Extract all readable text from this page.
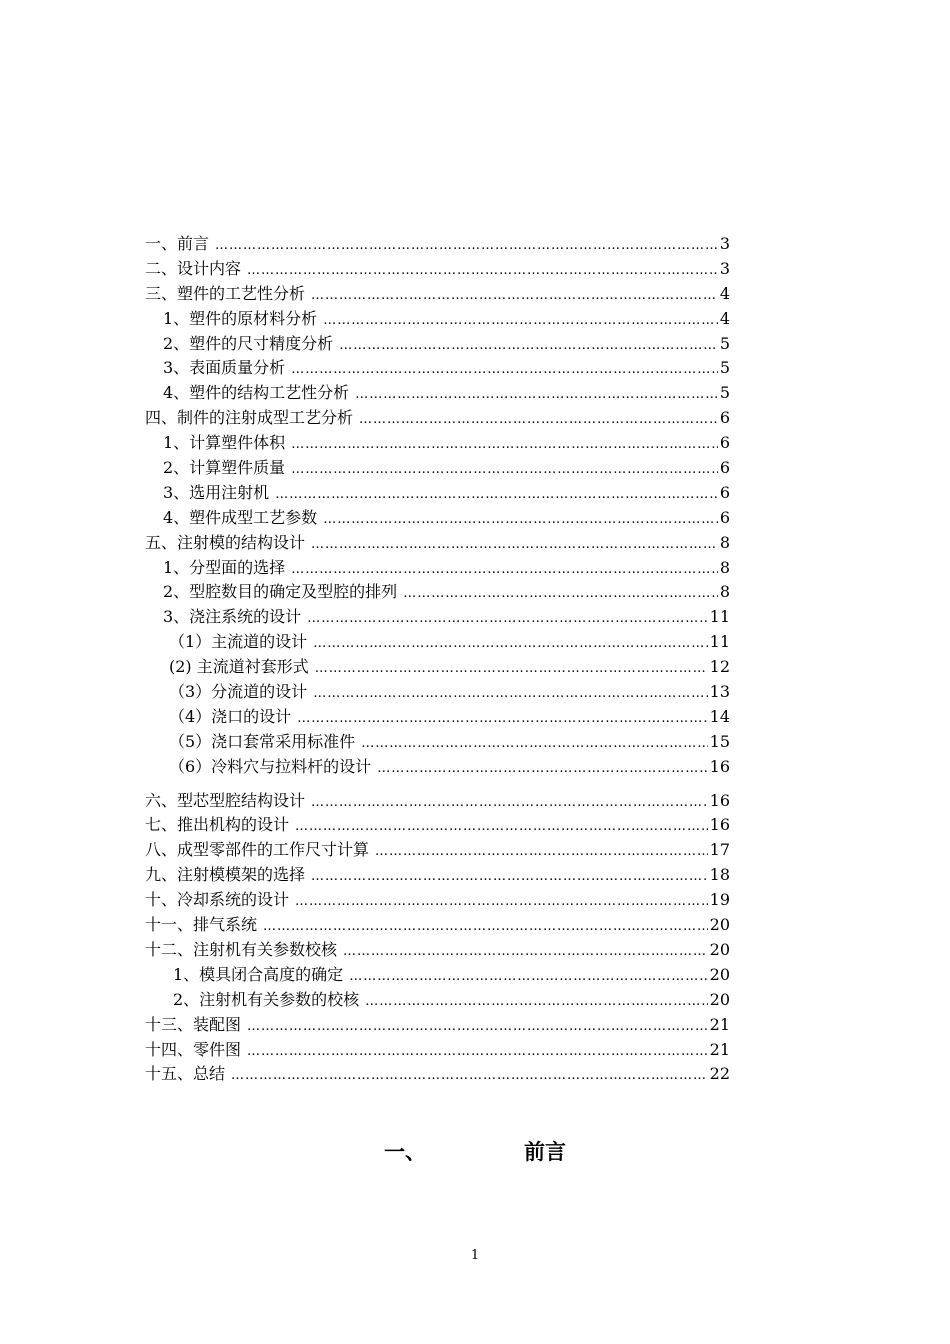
一、前言 ……………………………………………………………………………………………………………………………………………………………………	3
二、设计内容 ……………………………………………………………………………………………………………………………………………………………………	3
三、塑件的工艺性分析 ……………………………………………………………………………………………………………………………………………………………………	4
1、塑件的原材料分析 ……………………………………………………………………………………………………………………………………………………………………	4
2、塑件的尺寸精度分析 ……………………………………………………………………………………………………………………………………………………………………	5
3、表面质量分析 ……………………………………………………………………………………………………………………………………………………………………	5
4、塑件的结构工艺性分析 ……………………………………………………………………………………………………………………………………………………………………	5
四、制件的注射成型工艺分析 ……………………………………………………………………………………………………………………………………………………………………	6
1、计算塑件体积 ……………………………………………………………………………………………………………………………………………………………………	6
2、计算塑件质量 ……………………………………………………………………………………………………………………………………………………………………	6
3、选用注射机 ……………………………………………………………………………………………………………………………………………………………………	6
4、塑件成型工艺参数 ……………………………………………………………………………………………………………………………………………………………………	6
五、注射模的结构设计 ……………………………………………………………………………………………………………………………………………………………………	8
1、分型面的选择 ……………………………………………………………………………………………………………………………………………………………………	8
2、型腔数目的确定及型腔的排列 ……………………………………………………………………………………………………………………………………………………………………	8
3、浇注系统的设计 ……………………………………………………………………………………………………………………………………………………………………	11
（1）主流道的设计 ……………………………………………………………………………………………………………………………………………………………………	11
(2) 主流道衬套形式 ……………………………………………………………………………………………………………………………………………………………………	12
（3）分流道的设计 ……………………………………………………………………………………………………………………………………………………………………	13
（4）浇口的设计 ……………………………………………………………………………………………………………………………………………………………………	14
（5）浇口套常采用标准件 ……………………………………………………………………………………………………………………………………………………………………	15
（6）冷料穴与拉料杆的设计 ……………………………………………………………………………………………………………………………………………………………………	16
六、型芯型腔结构设计 ……………………………………………………………………………………………………………………………………………………………………	16
七、推出机构的设计 ……………………………………………………………………………………………………………………………………………………………………	16
八、成型零部件的工作尺寸计算 ……………………………………………………………………………………………………………………………………………………………………	17
九、注射模模架的选择 ……………………………………………………………………………………………………………………………………………………………………	18
十、冷却系统的设计 ……………………………………………………………………………………………………………………………………………………………………	19
十一、排气系统 ……………………………………………………………………………………………………………………………………………………………………	20
十二、注射机有关参数校核 ……………………………………………………………………………………………………………………………………………………………………	20
1、模具闭合高度的确定 ……………………………………………………………………………………………………………………………………………………………………	20
2、注射机有关参数的校核 ……………………………………………………………………………………………………………………………………………………………………	20
十三、装配图 ……………………………………………………………………………………………………………………………………………………………………	21
十四、零件图 ……………………………………………………………………………………………………………………………………………………………………	21
十五、总结 ……………………………………………………………………………………………………………………………………………………………………	22
一、	前言
1
